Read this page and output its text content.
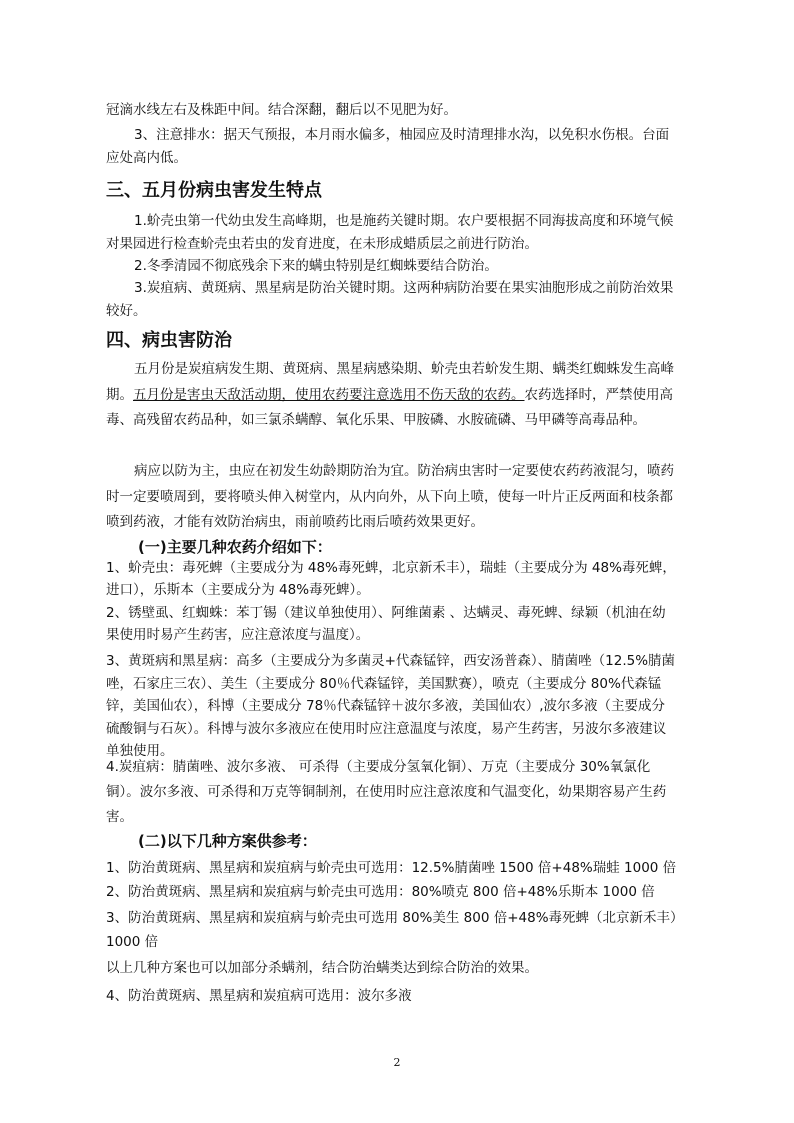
冠滴水线左右及株距中间。结合深翻，翻后以不见肥为好。
3、注意排水：据天气预报，本月雨水偏多，柚园应及时清理排水沟，以免积水伤根。台面应处高内低。
三、五月份病虫害发生特点
1.蚧壳虫第一代幼虫发生高峰期，也是施药关键时期。农户要根据不同海拔高度和环境气候对果园进行检查蚧壳虫若虫的发育进度，在未形成蜡质层之前进行防治。
2.冬季清园不彻底残余下来的螨虫特别是红蜘蛛要结合防治。
3.炭疽病、黄斑病、黑星病是防治关键时期。这两种病防治要在果实油胞形成之前防治效果较好。
四、病虫害防治
五月份是炭疽病发生期、黄斑病、黑星病感染期、蚧壳虫若蚧发生期、螨类红蜘蛛发生高峰期。五月份是害虫天敌活动期，使用农药要注意选用不伤天敌的农药。农药选择时，严禁使用高毒、高残留农药品种，如三氯杀螨醇、氧化乐果、甲胺磷、水胺硫磷、马甲磷等高毒品种。
病应以防为主，虫应在初发生幼龄期防治为宜。防治病虫害时一定要使农药药液混匀，喷药时一定要喷周到，要将喷头伸入树堂内，从内向外，从下向上喷，使每一叶片正反两面和枝条都喷到药液，才能有效防治病虫，雨前喷药比雨后喷药效果更好。
(一)主要几种农药介绍如下：
1、蚧壳虫：毒死蜱（主要成分为 48%毒死蜱，北京新禾丰），瑞蛙（主要成分为 48%毒死蜱，进口），乐斯本（主要成分为 48%毒死蜱）。
2、锈壁虱、红蜘蛛：苯丁锡（建议单独使用）、阿维菌素 、达螨灵、毒死蜱、绿颖（机油在幼果使用时易产生药害，应注意浓度与温度）。
3、黄斑病和黑星病：高多（主要成分为多菌灵+代森锰锌，西安汤普森）、腈菌唑（12.5%腈菌唑，石家庄三农）、美生（主要成分 80％代森锰锌，美国默赛），喷克（主要成分 80%代森锰锌，美国仙农），科博（主要成分 78％代森锰锌＋波尔多液，美国仙农）,波尔多液（主要成分硫酸铜与石灰）。科博与波尔多液应在使用时应注意温度与浓度，易产生药害，另波尔多液建议单独使用。
4.炭疽病：腈菌唑、波尔多液、 可杀得（主要成分氢氧化铜）、万克（主要成分 30%氧氯化铜）。波尔多液、可杀得和万克等铜制剂，在使用时应注意浓度和气温变化，幼果期容易产生药害。
(二)以下几种方案供参考：
1、防治黄斑病、黑星病和炭疽病与蚧壳虫可选用：12.5%腈菌唑 1500 倍+48%瑞蛙 1000 倍
2、防治黄斑病、黑星病和炭疽病与蚧壳虫可选用：80%喷克 800 倍+48%乐斯本 1000 倍
3、防治黄斑病、黑星病和炭疽病与蚧壳虫可选用 80%美生 800 倍+48%毒死蜱（北京新禾丰）1000 倍
以上几种方案也可以加部分杀螨剂，结合防治螨类达到综合防治的效果。
4、防治黄斑病、黑星病和炭疽病可选用：波尔多液
2
